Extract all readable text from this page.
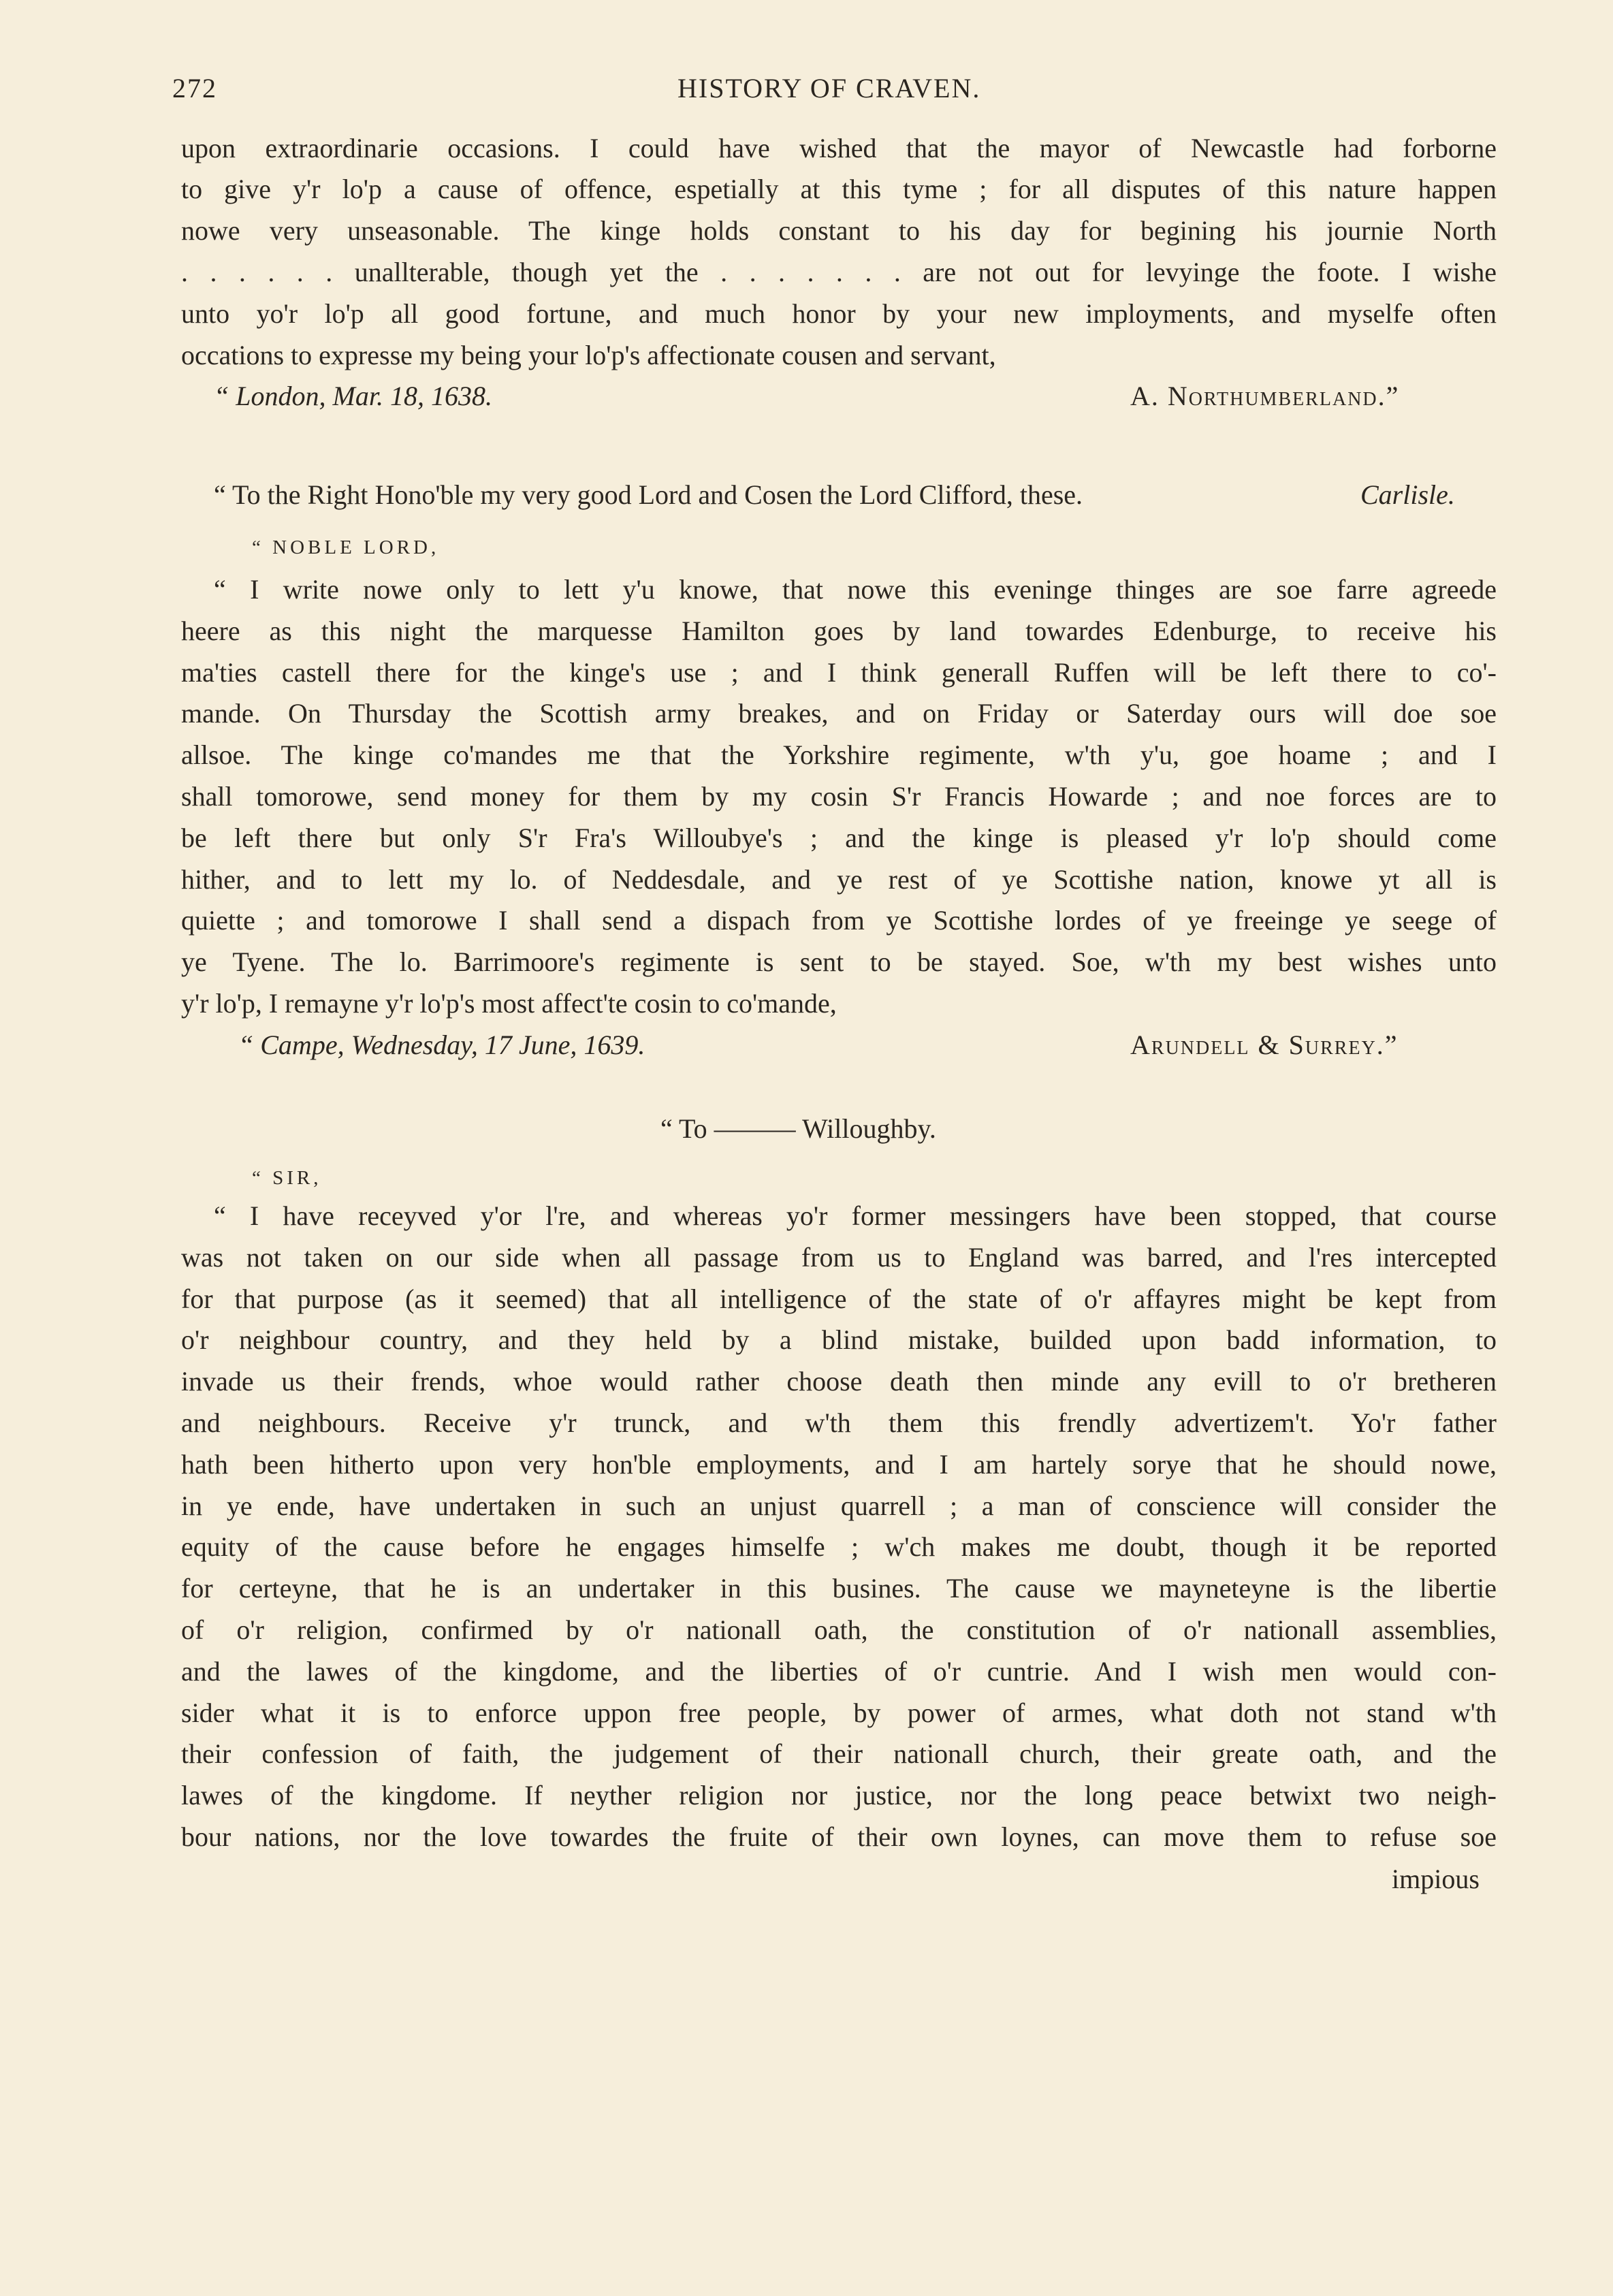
272	HISTORY OF CRAVEN.
upon extraordinarie occasions. I could have wished that the mayor of Newcastle had forborne
to give y'r lo'p a cause of offence, espetially at this tyme ; for all disputes of this nature happen
nowe very unseasonable. The kinge holds constant to his day for begining his journie North
. . . . . . unallterable, though yet the . . . . . . . are not out for levyinge the foote. I wishe
unto yo'r lo'p all good fortune, and much honor by your new imployments, and myselfe often
occations to expresse my being your lo'p's affectionate cousen and servant,
“ London, Mar. 18, 1638.	A. Northumberland.”
“ To the Right Hono'ble my very good Lord and Cosen the Lord Clifford, these.	Carlisle.
“ NOBLE LORD,
“ I write nowe only to lett y'u knowe, that nowe this eveninge thinges are soe farre agreede
heere as this night the marquesse Hamilton goes by land towardes Edenburge, to receive his
ma'ties castell there for the kinge's use ; and I think generall Ruffen will be left there to co'-
mande. On Thursday the Scottish army breakes, and on Friday or Saterday ours will doe soe
allsoe. The kinge co'mandes me that the Yorkshire regimente, w'th y'u, goe hoame ; and I
shall tomorowe, send money for them by my cosin S'r Francis Howarde ; and noe forces are to
be left there but only S'r Fra's Willoubye's ; and the kinge is pleased y'r lo'p should come
hither, and to lett my lo. of Neddesdale, and ye rest of ye Scottishe nation, knowe yt all is
quiette ; and tomorowe I shall send a dispach from ye Scottishe lordes of ye freeinge ye seege of
ye Tyene. The lo. Barrimoore's regimente is sent to be stayed. Soe, w'th my best wishes unto
y'r lo'p, I remayne y'r lo'p's most affect'te cosin to co'mande,
“ Campe, Wednesday, 17 June, 1639.	Arundell & Surrey.”
“ To ——— Willoughby.
“ SIR,
“ I have receyved y'or l're, and whereas yo'r former messingers have been stopped, that course
was not taken on our side when all passage from us to England was barred, and l'res intercepted
for that purpose (as it seemed) that all intelligence of the state of o'r affayres might be kept from
o'r neighbour country, and they held by a blind mistake, builded upon badd information, to
invade us their frends, whoe would rather choose death then minde any evill to o'r bretheren
and neighbours. Receive y'r trunck, and w'th them this frendly advertizem't. Yo'r father
hath been hitherto upon very hon'ble employments, and I am hartely sorye that he should nowe,
in ye ende, have undertaken in such an unjust quarrell ; a man of conscience will consider the
equity of the cause before he engages himselfe ; w'ch makes me doubt, though it be reported
for certeyne, that he is an undertaker in this busines. The cause we mayneteyne is the libertie
of o'r religion, confirmed by o'r nationall oath, the constitution of o'r nationall assemblies,
and the lawes of the kingdome, and the liberties of o'r cuntrie. And I wish men would con-
sider what it is to enforce uppon free people, by power of armes, what doth not stand w'th
their confession of faith, the judgement of their nationall church, their greate oath, and the
lawes of the kingdome. If neyther religion nor justice, nor the long peace betwixt two neigh-
bour nations, nor the love towardes the fruite of their own loynes, can move them to refuse soe
impious
